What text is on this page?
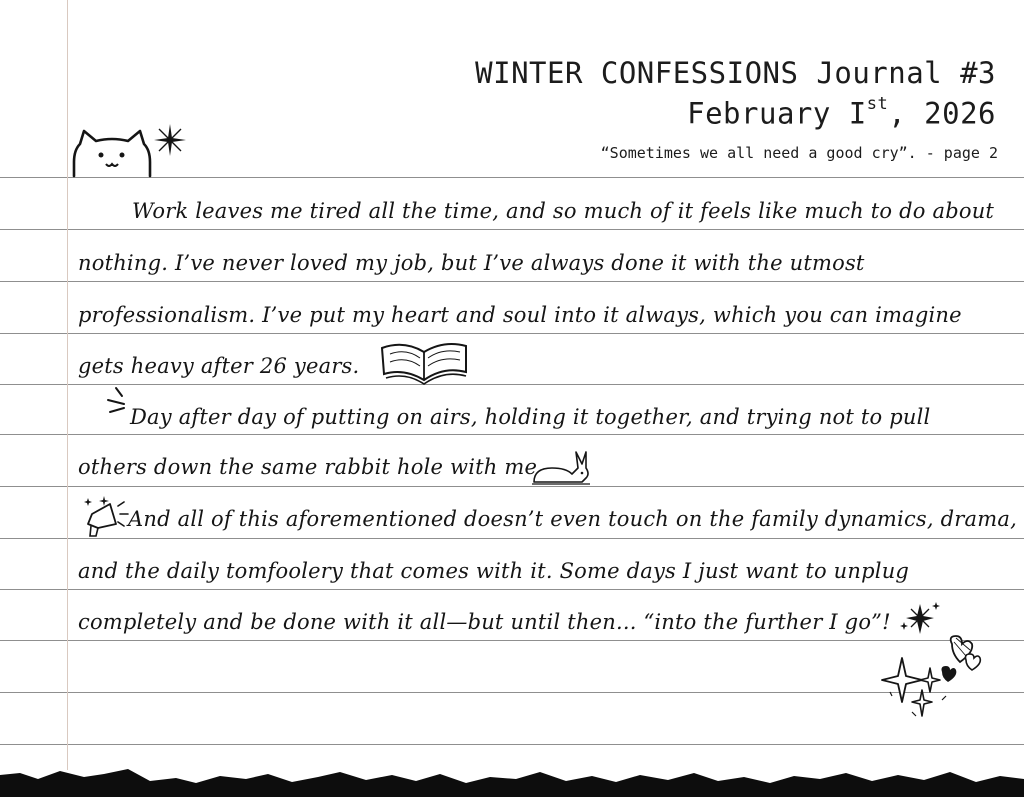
WINTER CONFESSIONS Journal #3
February Ist, 2026
“Sometimes we all need a good cry”. - page 2
Work leaves me tired all the time, and so much of it feels like much to do about
nothing. I’ve never loved my job, but I’ve always done it with the utmost
professionalism. I’ve put my heart and soul into it always, which you can imagine
gets heavy after 26 years.
Day after day of putting on airs, holding it together, and trying not to pull
others down the same rabbit hole with me.
And all of this aforementioned doesn’t even touch on the family dynamics, drama,
and the daily tomfoolery that comes with it. Some days I just want to unplug
completely and be done with it all—but until then... “into the further I go”!
